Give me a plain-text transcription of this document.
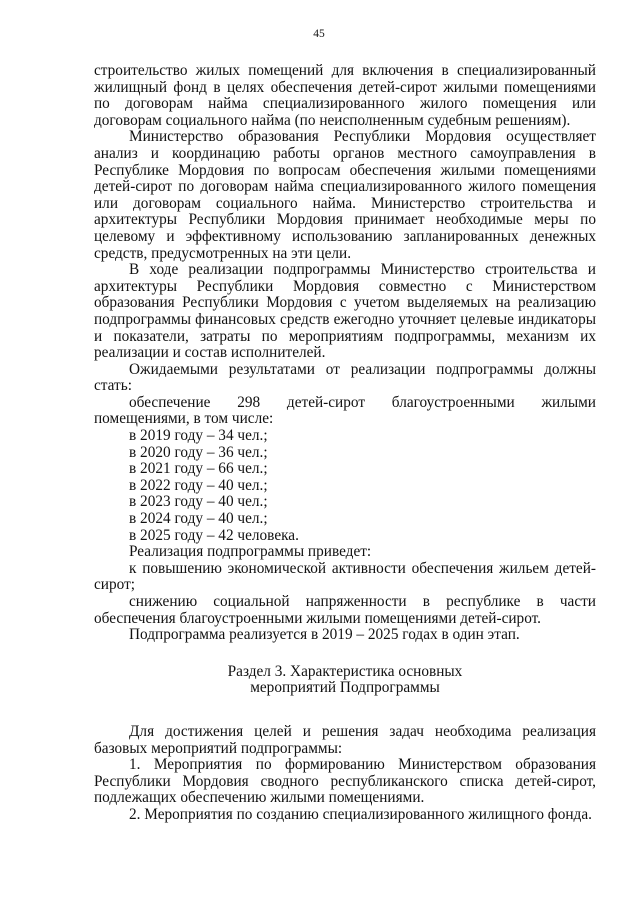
45

строительство жилых помещений для включения в специализированный жилищный фонд в целях обеспечения детей-сирот жилыми помещениями по договорам найма специализированного жилого помещения или договорам социального найма (по неисполненным судебным решениям).

Министерство образования Республики Мордовия осуществляет анализ и координацию работы органов местного самоуправления в Республике Мордовия по вопросам обеспечения жилыми помещениями детей-сирот по договорам найма специализированного жилого помещения или договорам социального найма. Министерство строительства и архитектуры Республики Мордовия принимает необходимые меры по целевому и эффективному использованию запланированных денежных средств, предусмотренных на эти цели.

В ходе реализации подпрограммы Министерство строительства и архитектуры Республики Мордовия совместно с Министерством образования Республики Мордовия с учетом выделяемых на реализацию подпрограммы финансовых средств ежегодно уточняет целевые индикаторы и показатели, затраты по мероприятиям подпрограммы, механизм их реализации и состав исполнителей.

Ожидаемыми результатами от реализации подпрограммы должны стать:

обеспечение 298 детей-сирот благоустроенными жилыми помещениями, в том числе:

в 2019 году – 34 чел.;

в 2020 году – 36 чел.;

в 2021 году – 66 чел.;

в 2022 году – 40 чел.;

в 2023 году – 40 чел.;

в 2024 году – 40 чел.;

в 2025 году – 42 человека.

Реализация подпрограммы приведет:

к повышению экономической активности обеспечения жильем детей-сирот;

снижению социальной напряженности в республике в части обеспечения благоустроенными жилыми помещениями детей-сирот.

Подпрограмма реализуется в 2019 – 2025 годах в один этап.

Раздел 3. Характеристика основных
мероприятий Подпрограммы

Для достижения целей и решения задач необходима реализация базовых мероприятий подпрограммы:

1. Мероприятия по формированию Министерством образования Республики Мордовия сводного республиканского списка детей-сирот, подлежащих обеспечению жилыми помещениями.

2. Мероприятия по созданию специализированного жилищного фонда.
